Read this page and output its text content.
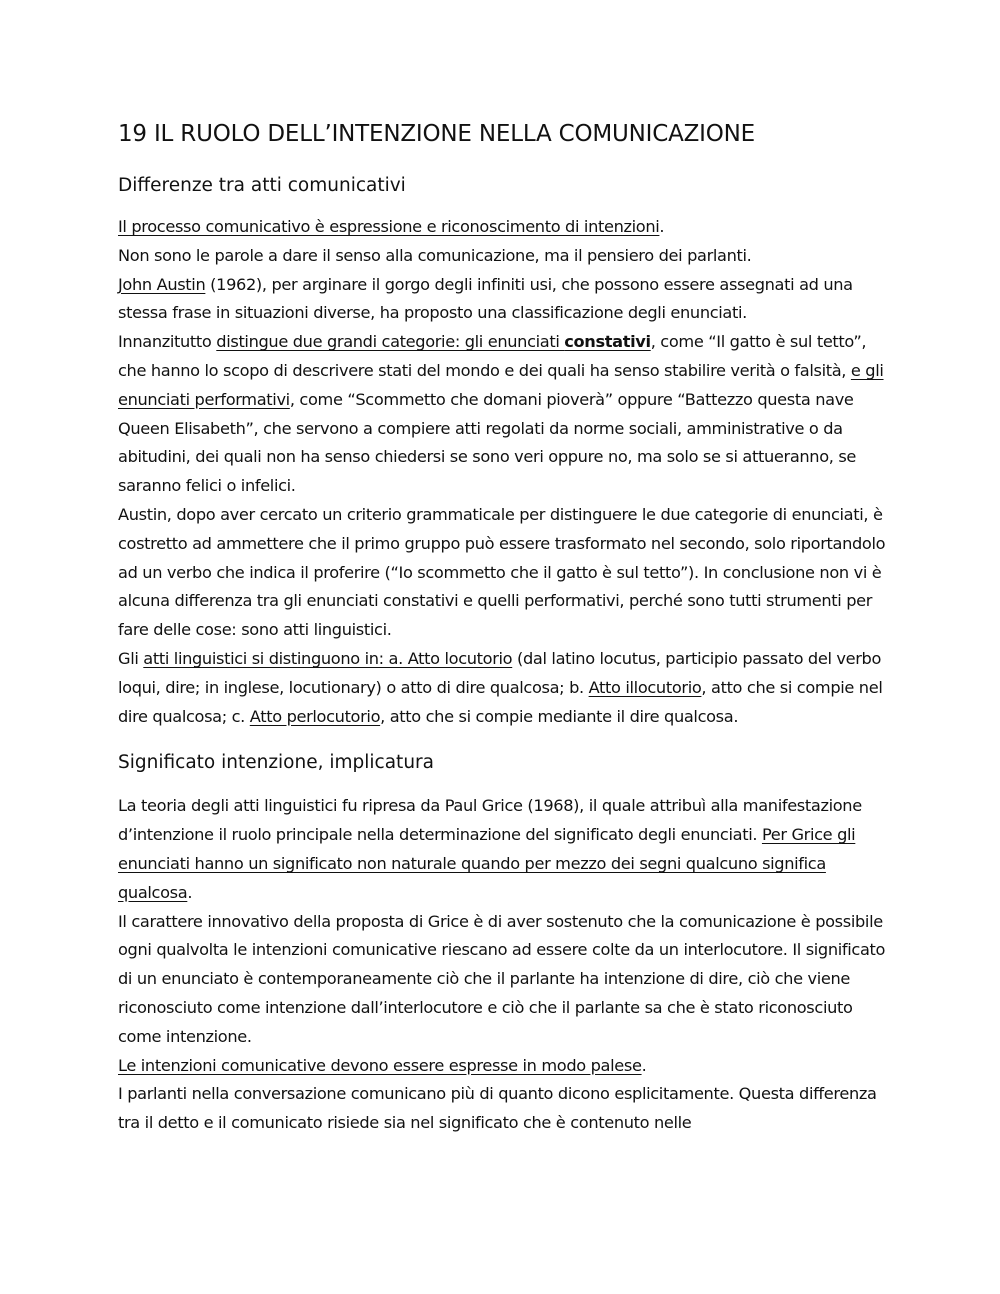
19 IL RUOLO DELL’INTENZIONE NELLA COMUNICAZIONE
Differenze tra atti comunicativi

Il processo comunicativo è espressione e riconoscimento di intenzioni.
Non sono le parole a dare il senso alla comunicazione, ma il pensiero dei parlanti.
John Austin (1962), per arginare il gorgo degli infiniti usi, che possono essere assegnati ad una stessa frase in situazioni diverse, ha proposto una classificazione degli enunciati.
Innanzitutto distingue due grandi categorie: gli enunciati constativi, come “Il gatto è sul tetto”, che hanno lo scopo di descrivere stati del mondo e dei quali ha senso stabilire verità o falsità, e gli enunciati performativi, come “Scommetto che domani pioverà” oppure “Battezzo questa nave Queen Elisabeth”, che servono a compiere atti regolati da norme sociali, amministrative o da abitudini, dei quali non ha senso chiedersi se sono veri oppure no, ma solo se si attueranno, se saranno felici o infelici.
Austin, dopo aver cercato un criterio grammaticale per distinguere le due categorie di enunciati, è costretto ad ammettere che il primo gruppo può essere trasformato nel secondo, solo riportandolo ad un verbo che indica il proferire (“Io scommetto che il gatto è sul tetto”). In conclusione non vi è alcuna differenza tra gli enunciati constativi e quelli performativi, perché sono tutti strumenti per fare delle cose: sono atti linguistici.
Gli atti linguistici si distinguono in: a. Atto locutorio (dal latino locutus, participio passato del verbo loqui, dire; in inglese, locutionary) o atto di dire qualcosa; b. Atto illocutorio, atto che si compie nel dire qualcosa; c. Atto perlocutorio, atto che si compie mediante il dire qualcosa.

Significato intenzione, implicatura

La teoria degli atti linguistici fu ripresa da Paul Grice (1968), il quale attribuì alla manifestazione d’intenzione il ruolo principale nella determinazione del significato degli enunciati. Per Grice gli enunciati hanno un significato non naturale quando per mezzo dei segni qualcuno significa qualcosa.
Il carattere innovativo della proposta di Grice è di aver sostenuto che la comunicazione è possibile ogni qualvolta le intenzioni comunicative riescano ad essere colte da un interlocutore. Il significato di un enunciato è contemporaneamente ciò che il parlante ha intenzione di dire, ciò che viene riconosciuto come intenzione dall’interlocutore e ciò che il parlante sa che è stato riconosciuto come intenzione.
Le intenzioni comunicative devono essere espresse in modo palese.
I parlanti nella conversazione comunicano più di quanto dicono esplicitamente. Questa differenza tra il detto e il comunicato risiede sia nel significato che è contenuto nelle
